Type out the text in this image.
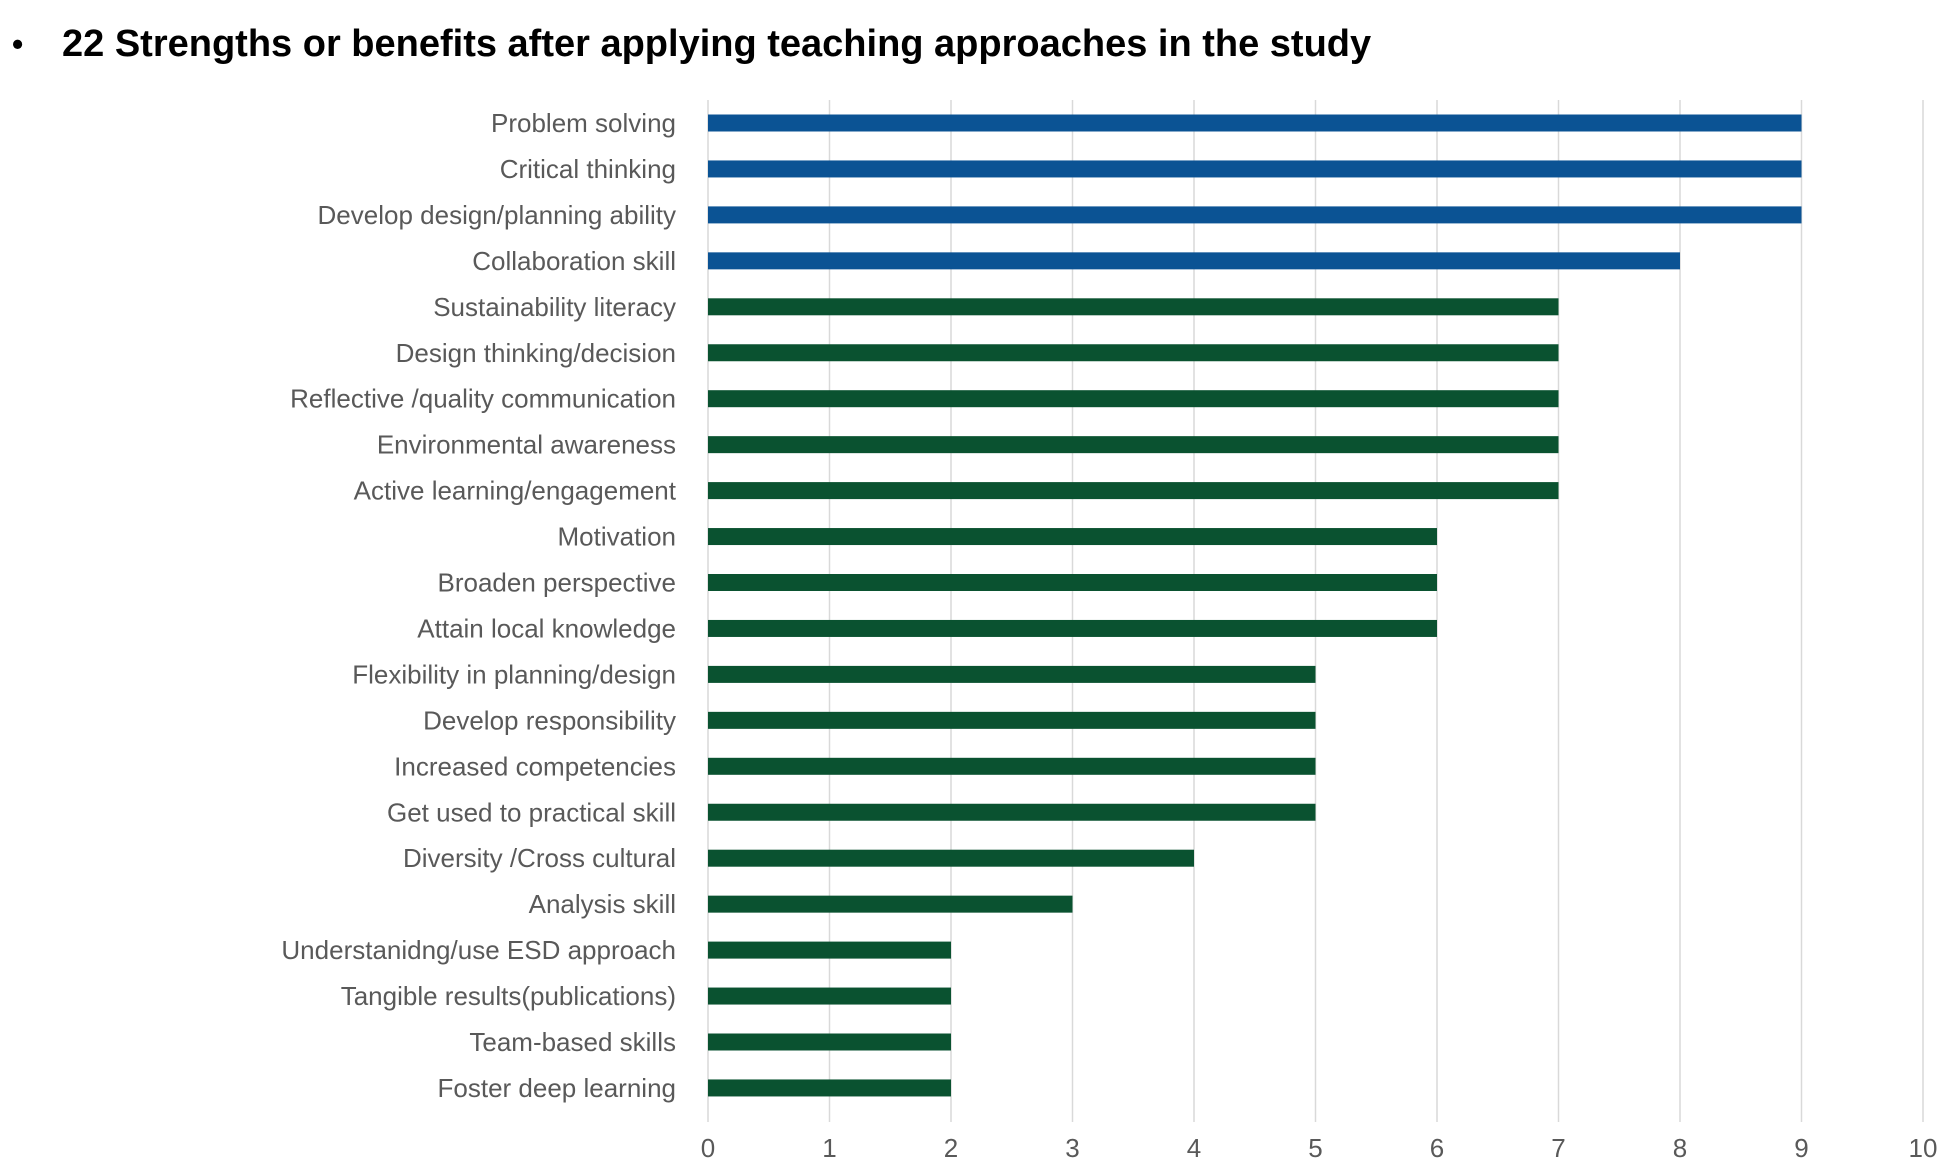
• 22 Strengths or benefits after applying teaching approaches in the study
Problem solving
Critical thinking
Develop design/planning ability
Collaboration skill
Sustainability literacy
Design thinking/decision
Reflective /quality communication
Environmental awareness
Active learning/engagement
Motivation
Broaden perspective
Attain local knowledge
Flexibility in planning/design
Develop responsibility
Increased competencies
Get used to practical skill
Diversity /Cross cultural
Analysis skill
Understanidng/use ESD approach
Tangible results(publications)
Team-based skills
Foster deep learning
0	1	2	3	4	5	6	7	8	9	10
